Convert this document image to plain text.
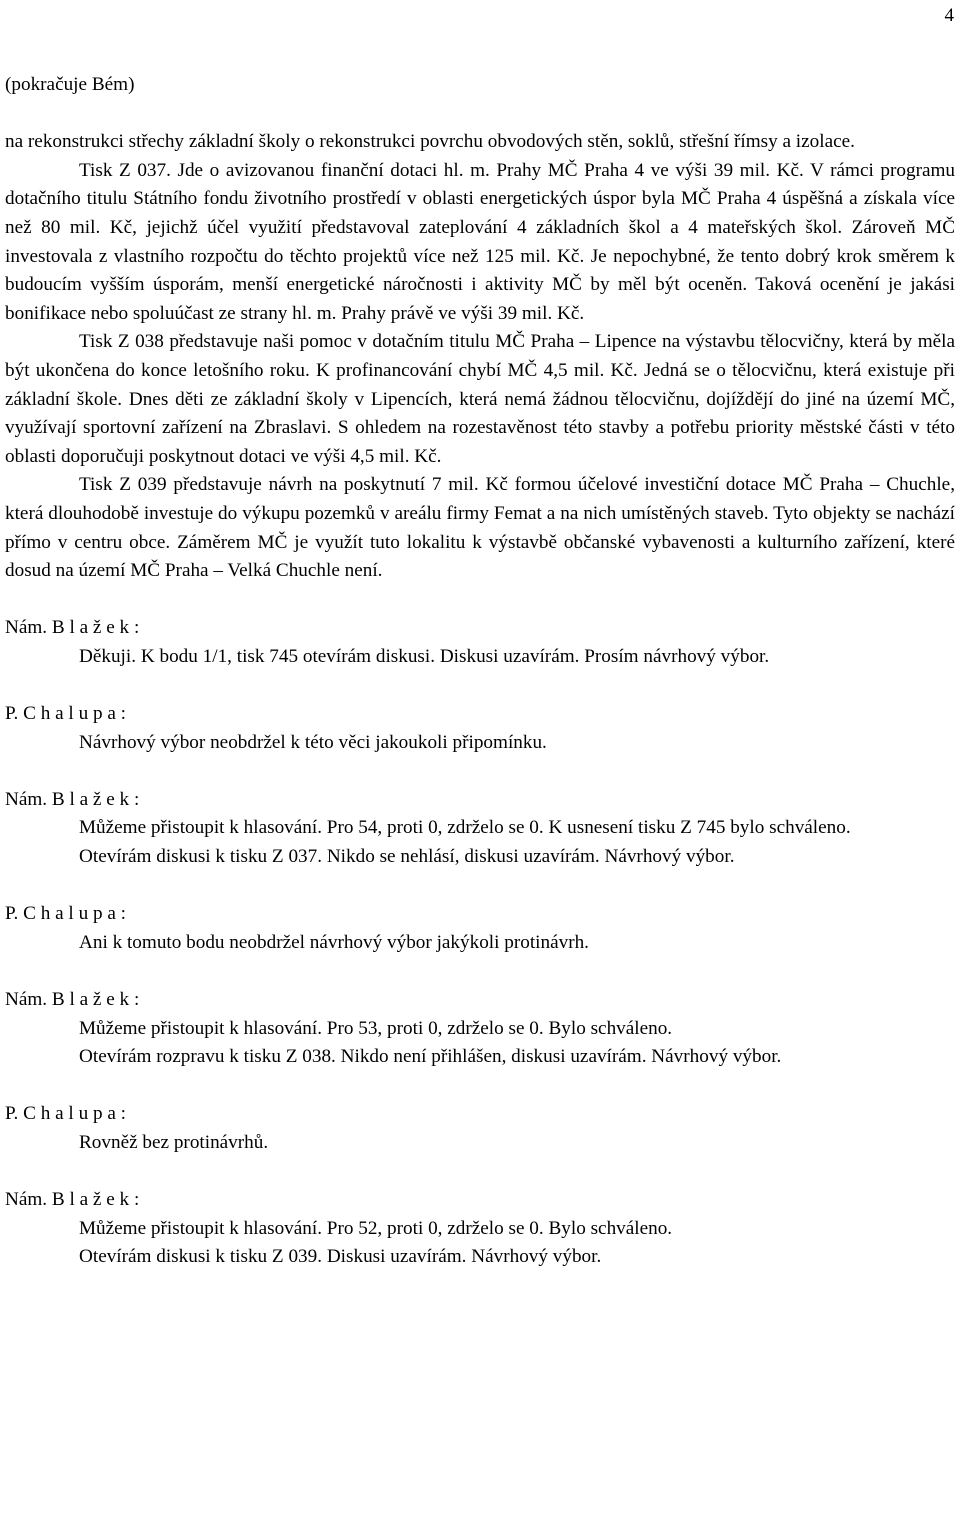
4

(pokračuje Bém)

na rekonstrukci střechy základní školy o rekonstrukci povrchu obvodových stěn, soklů, střešní římsy a izolace.

Tisk Z 037. Jde o avizovanou finanční dotaci hl. m. Prahy MČ Praha 4 ve výši 39 mil. Kč. V rámci programu dotačního titulu Státního fondu životního prostředí v oblasti energetických úspor byla MČ Praha 4 úspěšná a získala více než 80 mil. Kč, jejichž účel využití představoval zateplování 4 základních škol a 4 mateřských škol. Zároveň MČ investovala z vlastního rozpočtu do těchto projektů více než 125 mil. Kč. Je nepochybné, že tento dobrý krok směrem k budoucím vyšším úsporám, menší energetické náročnosti i aktivity MČ by měl být oceněn. Taková ocenění je jakási bonifikace nebo spoluúčast ze strany hl. m. Prahy právě ve výši 39 mil. Kč.

Tisk Z 038 představuje naši pomoc v dotačním titulu MČ Praha – Lipence na výstavbu tělocvičny, která by měla být ukončena do konce letošního roku. K profinancování chybí MČ 4,5 mil. Kč. Jedná se o tělocvičnu, která existuje při základní škole. Dnes děti ze základní školy v Lipencích, která nemá žádnou tělocvičnu, dojíždějí do jiné na území MČ, využívají sportovní zařízení na Zbraslavi. S ohledem na rozestavěnost této stavby a potřebu priority městské části v této oblasti doporučuji poskytnout dotaci ve výši 4,5 mil. Kč.

Tisk Z 039 představuje návrh na poskytnutí 7 mil. Kč formou účelové investiční dotace MČ Praha – Chuchle, která dlouhodobě investuje do výkupu pozemků v areálu firmy Femat a na nich umístěných staveb. Tyto objekty se nachází přímo v centru obce. Záměrem MČ je využít tuto lokalitu k výstavbě občanské vybavenosti a kulturního zařízení, které dosud na území MČ Praha – Velká Chuchle není.

Nám. B l a ž e k :

Děkuji. K bodu 1/1, tisk 745 otevírám diskusi. Diskusi uzavírám. Prosím návrhový výbor.

P. C h a l u p a :

Návrhový výbor neobdržel k této věci jakoukoli připomínku.

Nám. B l a ž e k :

Můžeme přistoupit k hlasování. Pro 54, proti 0, zdrželo se 0. K usnesení tisku Z 745 bylo schváleno.

Otevírám diskusi k tisku Z 037. Nikdo se nehlásí, diskusi uzavírám. Návrhový výbor.

P. C h a l u p a :

Ani k tomuto bodu neobdržel návrhový výbor jakýkoli protinávrh.

Nám. B l a ž e k :

Můžeme přistoupit k hlasování. Pro 53, proti 0, zdrželo se 0. Bylo schváleno.

Otevírám rozpravu k tisku Z 038. Nikdo není přihlášen, diskusi uzavírám. Návrhový výbor.

P. C h a l u p a :

Rovněž bez protinávrhů.

Nám. B l a ž e k :

Můžeme přistoupit k hlasování. Pro 52, proti 0, zdrželo se 0. Bylo schváleno.

Otevírám diskusi k tisku Z 039. Diskusi uzavírám. Návrhový výbor.
